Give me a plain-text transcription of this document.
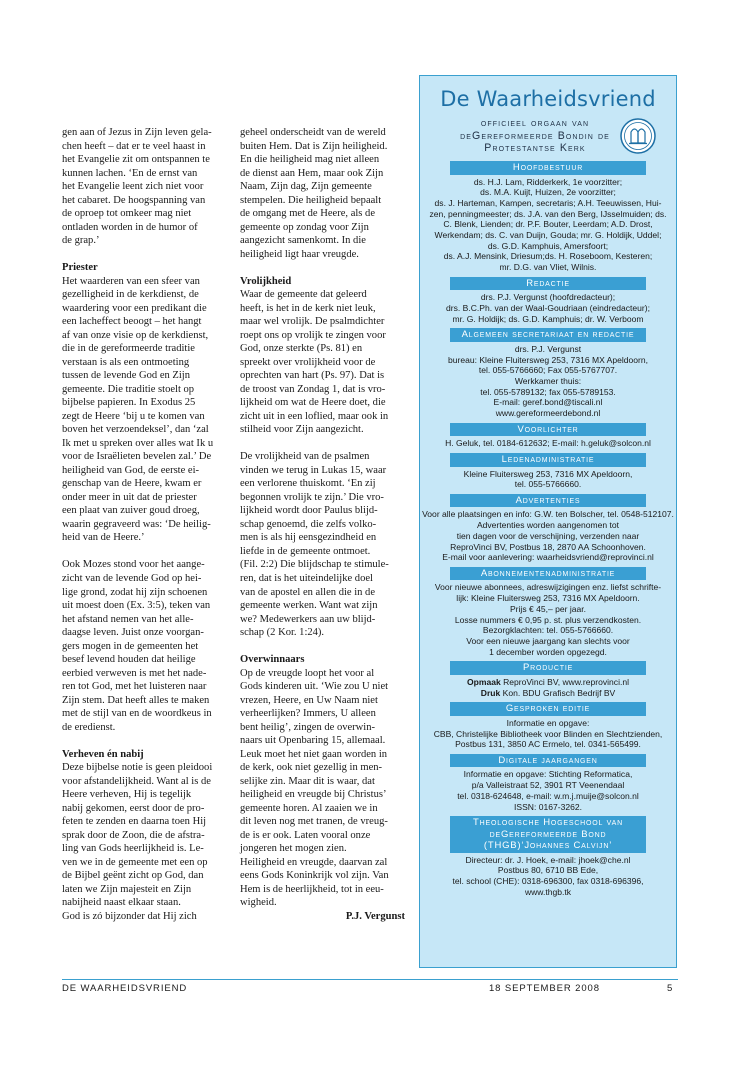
gen aan of Jezus in Zijn leven gela-
chen heeft – dat er te veel haast in
het Evangelie zit om ontspannen te
kunnen lachen. ‘En de ernst van
het Evangelie leent zich niet voor
het cabaret. De hoogspanning van
de oproep tot omkeer mag niet
ontladen worden in de humor of
de grap.’

Priester

Het waarderen van een sfeer van
gezelligheid in de kerkdienst, de
waardering voor een predikant die
een lacheffect beoogt – het hangt
af van onze visie op de kerkdienst,
die in de gereformeerde traditie
verstaan is als een ontmoeting
tussen de levende God en Zijn
gemeente. Die traditie stoelt op
bijbelse papieren. In Exodus 25
zegt de Heere ‘bij u te komen van
boven het verzoendeksel’, dan ‘zal
Ik met u spreken over alles wat Ik u
voor de Israëlieten bevelen zal.’ De
heiligheid van God, de eerste ei-
genschap van de Heere, kwam er
onder meer in uit dat de priester
een plaat van zuiver goud droeg,
waarin gegraveerd was: ‘De heilig-
heid van de Heere.’

Ook Mozes stond voor het aange-
zicht van de levende God op hei-
lige grond, zodat hij zijn schoenen
uit moest doen (Ex. 3:5), teken van
het afstand nemen van het alle-
daagse leven. Juist onze voorgan-
gers mogen in de gemeenten het
besef levend houden dat heilige
eerbied verweven is met het nade-
ren tot God, met het luisteren naar
Zijn stem. Dat heeft alles te maken
met de stijl van en de woordkeus in
de eredienst.

Verheven én nabij

Deze bijbelse notie is geen pleidooi
voor afstandelijkheid. Want al is de
Heere verheven, Hij is tegelijk
nabij gekomen, eerst door de pro-
feten te zenden en daarna toen Hij
sprak door de Zoon, die de afstra-
ling van Gods heerlijkheid is. Le-
ven we in de gemeente met een op
de Bijbel geënt zicht op God, dan
laten we Zijn majesteit en Zijn
nabijheid naast elkaar staan.
God is zó bijzonder dat Hij zich

geheel onderscheidt van de wereld
buiten Hem. Dat is Zijn heiligheid.
En die heiligheid mag niet alleen
de dienst aan Hem, maar ook Zijn
Naam, Zijn dag, Zijn gemeente
stempelen. Die heiligheid bepaalt
de omgang met de Heere, als de
gemeente op zondag voor Zijn
aangezicht samenkomt. In die
heiligheid ligt haar vreugde.

Vrolijkheid

Waar de gemeente dat geleerd
heeft, is het in de kerk niet leuk,
maar wel vrolijk. De psalmdichter
roept ons op vrolijk te zingen voor
God, onze sterkte (Ps. 81) en
spreekt over vrolijkheid voor de
oprechten van hart (Ps. 97). Dat is
de troost van Zondag 1, dat is vro-
lijkheid om wat de Heere doet, die
zicht uit in een loflied, maar ook in
stilheid voor Zijn aangezicht.

De vrolijkheid van de psalmen
vinden we terug in Lukas 15, waar
een verlorene thuiskomt. ‘En zij
begonnen vrolijk te zijn.’ Die vro-
lijkheid wordt door Paulus blijd-
schap genoemd, die zelfs volko-
men is als hij eensgezindheid en
liefde in de gemeente ontmoet.
(Fil. 2:2) Die blijdschap te stimule-
ren, dat is het uiteindelijke doel
van de apostel en allen die in de
gemeente werken. Want wat zijn
we? Medewerkers aan uw blijd-
schap (2 Kor. 1:24).

Overwinnaars

Op de vreugde loopt het voor al
Gods kinderen uit. ‘Wie zou U niet
vrezen, Heere, en Uw Naam niet
verheerlijken? Immers, U alleen
bent heilig’, zingen de overwin-
naars uit Openbaring 15, allemaal.
Leuk moet het niet gaan worden in
de kerk, ook niet gezellig in men-
selijke zin. Maar dit is waar, dat
heiligheid en vreugde bij Christus’
gemeente horen. Al zaaien we in
dit leven nog met tranen, de vreug-
de is er ook. Laten vooral onze
jongeren het mogen zien.
Heiligheid en vreugde, daarvan zal
eens Gods Koninkrijk vol zijn. Van
Hem is de heerlijkheid, tot in eeu-
wigheid.

P.J. Vergunst
De Waarheidsvriend
officieel orgaan van deGereformeerde Bondin de Protestantse Kerk
Hoofdbestuur
ds. H.J. Lam, Ridderkerk, 1e voorzitter;
ds. M.A. Kuijt, Huizen, 2e voorzitter;
ds. J. Harteman, Kampen, secretaris; A.H. Teeuwissen, Hui-
zen, penningmeester; ds. J.A. van den Berg, IJsselmuiden; ds.
C. Blenk, Lienden; dr. P.F. Bouter, Leerdam; A.D. Drost,
Werkendam; ds. C. van Duijn, Gouda; mr. G. Holdijk, Uddel;
ds. G.D. Kamphuis, Amersfoort;
ds. A.J. Mensink, Driesum;ds. H. Roseboom, Kesteren;
mr. D.G. van Vliet, Wilnis.
Redactie
drs. P.J. Vergunst (hoofdredacteur);
drs. B.C.Ph. van der Waal-Goudriaan (eindredacteur);
mr. G. Holdijk; ds. G.D. Kamphuis; dr. W. Verboom
Algemeen secretariaat en redactie
drs. P.J. Vergunst
bureau: Kleine Fluitersweg 253, 7316 MX Apeldoorn,
tel. 055-5766660; Fax 055-5767707.
Werkkamer thuis:
tel. 055-5789132; fax 055-5789153.
E-mail: geref.bond@tiscali.nl
www.gereformeerdebond.nl
Voorlichter
H. Geluk, tel. 0184-612632; E-mail: h.geluk@solcon.nl
Ledenadministratie
Kleine Fluitersweg 253, 7316 MX Apeldoorn,
tel. 055-5766660.
Advertenties
Voor alle plaatsingen en info: G.W. ten Bolscher, tel. 0548-512107.
Advertenties worden aangenomen tot
tien dagen voor de verschijning, verzenden naar
ReproVinci BV, Postbus 18, 2870 AA Schoonhoven.
E-mail voor aanlevering: waarheidsvriend@reprovinci.nl
Abonnementenadministratie
Voor nieuwe abonnees, adreswijzigingen enz. liefst schrifte-
lijk: Kleine Fluitersweg 253, 7316 MX Apeldoorn.
Prijs € 45,– per jaar.
Losse nummers € 0,95 p. st. plus verzendkosten.
Bezorgklachten: tel. 055-5766660.
Voor een nieuwe jaargang kan slechts voor
1 december worden opgezegd.
Productie
Opmaak ReproVinci BV, www.reprovinci.nl
Druk Kon. BDU Grafisch Bedrijf BV
Gesproken editie
Informatie en opgave:
CBB, Christelijke Bibliotheek voor Blinden en Slechtzienden,
Postbus 131, 3850 AC Ermelo, tel. 0341-565499.
Digitale jaargangen
Informatie en opgave: Stichting Reformatica,
p/a Valleistraat 52, 3901 RT Veenendaal
tel. 0318-624648, e-mail: w.m.j.muije@solcon.nl
ISSN: 0167-3262.
Theologische Hogeschool van deGereformeerde Bond (THGB)‘Johannes Calvijn’
Directeur: dr. J. Hoek, e-mail: jhoek@che.nl
Postbus 80, 6710 BB Ede,
tel. school (CHE): 0318-696300, fax 0318-696396,
www.thgb.tk
DE WAARHEIDSVRIEND	18 SEPTEMBER 2008	5
